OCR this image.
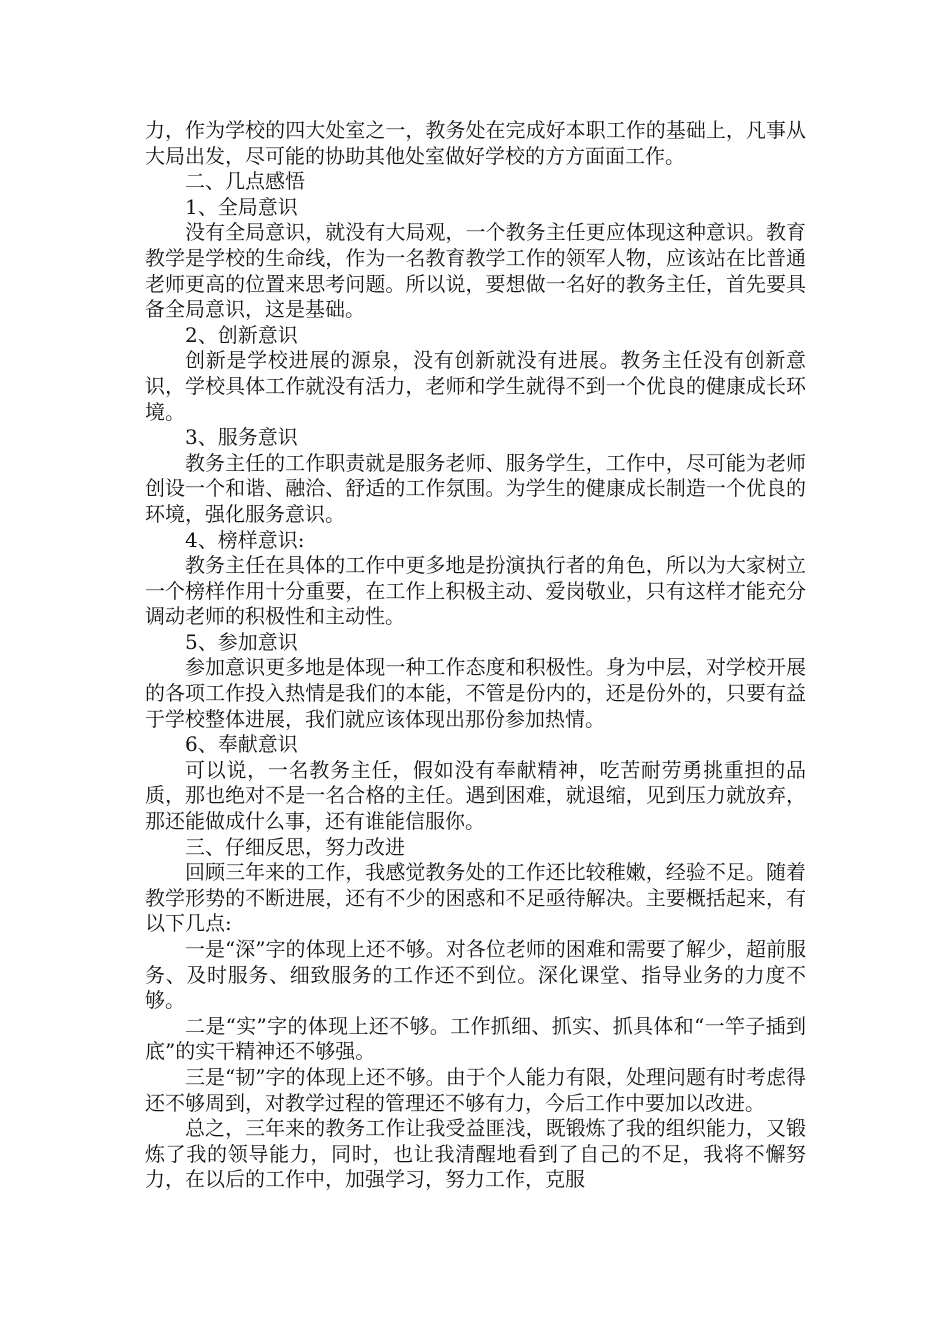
力，作为学校的四大处室之一，教务处在完成好本职工作的基础上，凡事从大局出发，尽可能的协助其他处室做好学校的方方面面工作。

二、几点感悟

1、全局意识

没有全局意识，就没有大局观，一个教务主任更应体现这种意识。教育教学是学校的生命线，作为一名教育教学工作的领军人物，应该站在比普通老师更高的位置来思考问题。所以说，要想做一名好的教务主任，首先要具备全局意识，这是基础。

2、创新意识

创新是学校进展的源泉，没有创新就没有进展。教务主任没有创新意识，学校具体工作就没有活力，老师和学生就得不到一个优良的健康成长环境。

3、服务意识

教务主任的工作职责就是服务老师、服务学生，工作中，尽可能为老师创设一个和谐、融洽、舒适的工作氛围。为学生的健康成长制造一个优良的环境，强化服务意识。

4、榜样意识:

教务主任在具体的工作中更多地是扮演执行者的角色，所以为大家树立一个榜样作用十分重要，在工作上积极主动、爱岗敬业，只有这样才能充分调动老师的积极性和主动性。

5、参加意识

参加意识更多地是体现一种工作态度和积极性。身为中层，对学校开展的各项工作投入热情是我们的本能，不管是份内的，还是份外的，只要有益于学校整体进展，我们就应该体现出那份参加热情。

6、奉献意识

可以说，一名教务主任，假如没有奉献精神，吃苦耐劳勇挑重担的品质，那也绝对不是一名合格的主任。遇到困难，就退缩，见到压力就放弃，那还能做成什么事，还有谁能信服你。

三、仔细反思，努力改进

回顾三年来的工作，我感觉教务处的工作还比较稚嫩，经验不足。随着教学形势的不断进展，还有不少的困惑和不足亟待解决。主要概括起来，有以下几点:

一是“深”字的体现上还不够。对各位老师的困难和需要了解少，超前服务、及时服务、细致服务的工作还不到位。深化课堂、指导业务的力度不够。

二是“实”字的体现上还不够。工作抓细、抓实、抓具体和“一竿子插到底”的实干精神还不够强。

三是“韧”字的体现上还不够。由于个人能力有限，处理问题有时考虑得还不够周到，对教学过程的管理还不够有力，今后工作中要加以改进。

总之，三年来的教务工作让我受益匪浅，既锻炼了我的组织能力，又锻炼了我的领导能力，同时，也让我清醒地看到了自己的不足，我将不懈努力，在以后的工作中，加强学习，努力工作，克服
